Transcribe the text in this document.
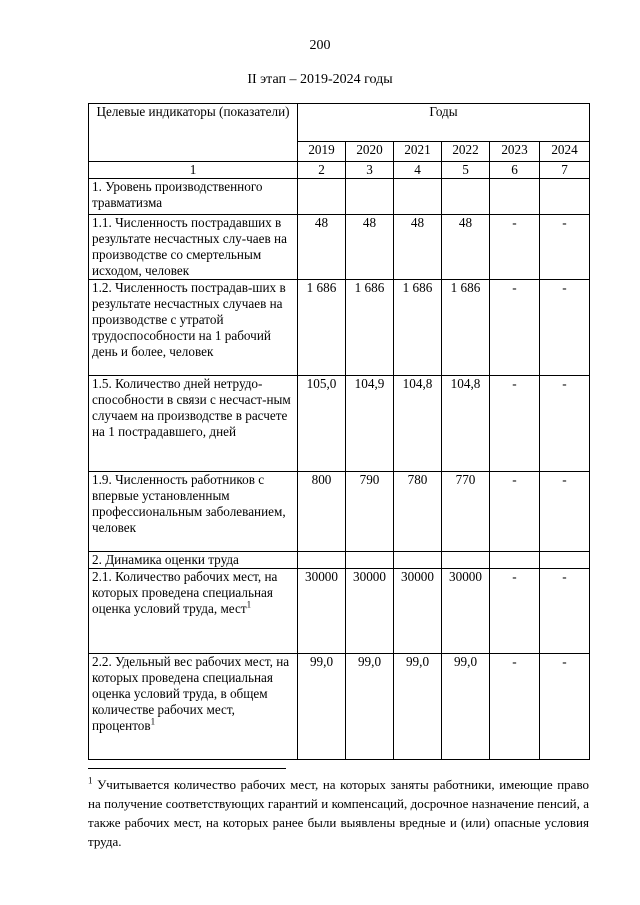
200
II этап – 2019-2024 годы
Целевые индикаторы (показатели)	Годы					
	2019	2020	2021	2022	2023	2024
1	2	3	4	5	6	7
1. Уровень производственного травматизма						
1.1. Численность пострадавших в результате несчастных слу-чаев на производстве со смертельным исходом, человек	48	48	48	48	-	-
1.2. Численность пострадав-ших в результате несчастных случаев на производстве с утратой трудоспособности на 1 рабочий день и более, человек	1 686	1 686	1 686	1 686	-	-
1.5. Количество дней нетрудо-способности в связи с несчаст-ным случаем на производстве в расчете на 1 пострадавшего, дней	105,0	104,9	104,8	104,8	-	-
1.9. Численность работников с впервые установленным профессиональным заболеванием, человек	800	790	780	770	-	-
2. Динамика оценки труда						
2.1. Количество рабочих мест, на которых проведена специальная оценка условий труда, мест$^1$	30000	30000	30000	30000	-	-
2.2. Удельный вес рабочих мест, на которых проведена специальная оценка условий труда, в общем количестве рабочих мест, процентов$^1$	99,0	99,0	99,0	99,0	-	-
$^1$ Учитывается количество рабочих мест, на которых заняты работники, имеющие право на получение соответствующих гарантий и компенсаций, досрочное назначение пенсий, а также рабочих мест, на которых ранее были выявлены вредные и (или) опасные условия труда.
